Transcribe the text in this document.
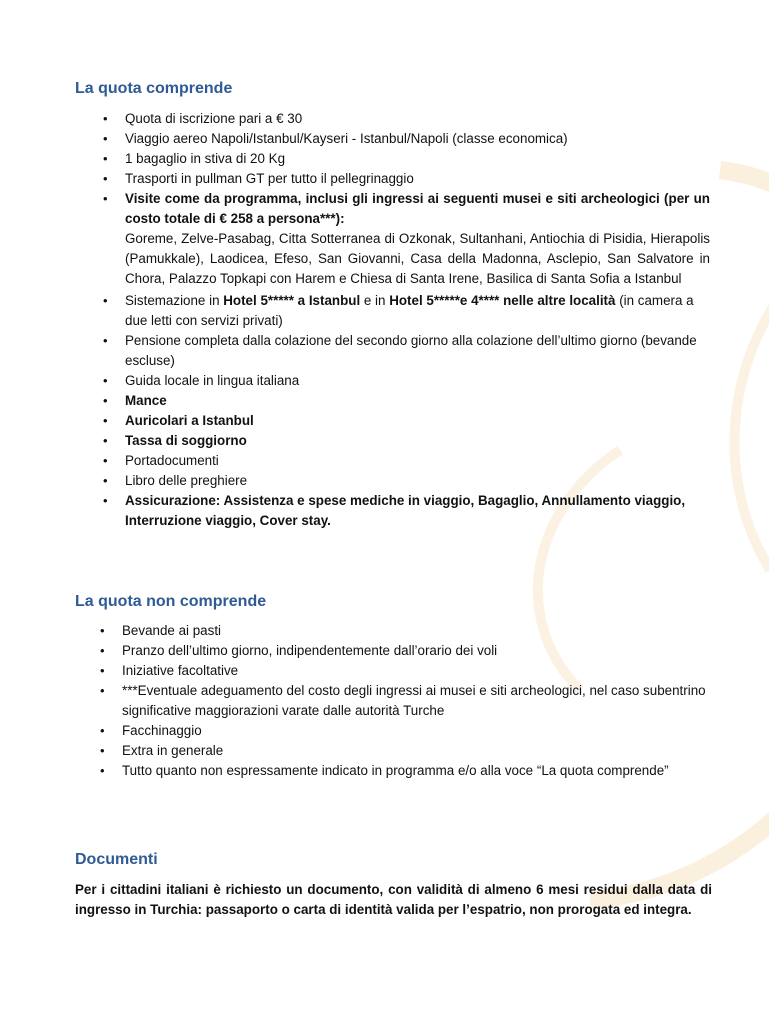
La quota comprende
• Quota di iscrizione pari a € 30
• Viaggio aereo Napoli/Istanbul/Kayseri - Istanbul/Napoli (classe economica)
• 1 bagaglio in stiva di 20 Kg
• Trasporti in pullman GT per tutto il pellegrinaggio
• Visite come da programma, inclusi gli ingressi ai seguenti musei e siti archeologici (per un costo totale di € 258 a persona***):
Goreme, Zelve-Pasabag, Citta Sotterranea di Ozkonak, Sultanhani, Antiochia di Pisidia, Hierapolis (Pamukkale), Laodicea, Efeso, San Giovanni, Casa della Madonna, Asclepio, San Salvatore in Chora, Palazzo Topkapi con Harem e Chiesa di Santa Irene, Basilica di Santa Sofia a Istanbul
• Sistemazione in Hotel 5***** a Istanbul e in Hotel 5*****e 4**** nelle altre località (in camera a due letti con servizi privati)
• Pensione completa dalla colazione del secondo giorno alla colazione dell’ultimo giorno (bevande escluse)
• Guida locale in lingua italiana
• Mance
• Auricolari a Istanbul
• Tassa di soggiorno
• Portadocumenti
• Libro delle preghiere
• Assicurazione: Assistenza e spese mediche in viaggio, Bagaglio, Annullamento viaggio, Interruzione viaggio, Cover stay.
La quota non comprende
• Bevande ai pasti
• Pranzo dell’ultimo giorno, indipendentemente dall’orario dei voli
• Iniziative facoltative
• ***Eventuale adeguamento del costo degli ingressi ai musei e siti archeologici, nel caso subentrino significative maggiorazioni varate dalle autorità Turche
• Facchinaggio
• Extra in generale
• Tutto quanto non espressamente indicato in programma e/o alla voce “La quota comprende”
Documenti

Per i cittadini italiani è richiesto un documento, con validità di almeno 6 mesi residui dalla data di ingresso in Turchia: passaporto o carta di identità valida per l’espatrio, non prorogata ed integra.
